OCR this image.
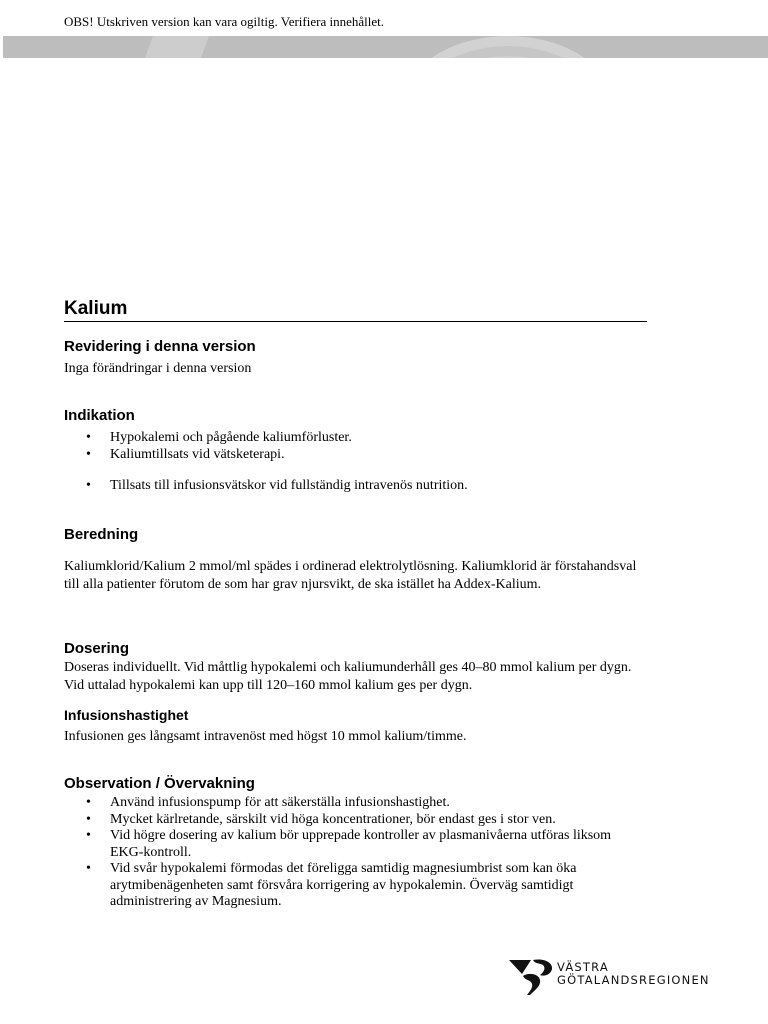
OBS! Utskriven version kan vara ogiltig. Verifiera innehållet.
Kalium
Revidering i denna version

Inga förändringar i denna version

Indikation
• Hypokalemi och pågående kaliumförluster.
• Kaliumtillsats vid vätsketerapi.
• Tillsats till infusionsvätskor vid fullständig intravenös nutrition.
Beredning

Kaliumklorid/Kalium 2 mmol/ml spädes i ordinerad elektrolytlösning. Kaliumklorid är förstahandsval till alla patienter förutom de som har grav njursvikt, de ska istället ha Addex-Kalium.

Dosering

Doseras individuellt. Vid måttlig hypokalemi och kaliumunderhåll ges 40–80 mmol kalium per dygn. Vid uttalad hypokalemi kan upp till 120–160 mmol kalium ges per dygn.

Infusionshastighet

Infusionen ges långsamt intravenöst med högst 10 mmol kalium/timme.

Observation / Övervakning
• Använd infusionspump för att säkerställa infusionshastighet.
• Mycket kärlretande, särskilt vid höga koncentrationer, bör endast ges i stor ven.
• Vid högre dosering av kalium bör upprepade kontroller av plasmanivåerna utföras liksom EKG-kontroll.
• Vid svår hypokalemi förmodas det föreligga samtidig magnesiumbrist som kan öka arytmibenägenheten samt försvåra korrigering av hypokalemin. Överväg samtidigt administrering av Magnesium.
VÄSTRA
GÖTALANDSREGIONEN
